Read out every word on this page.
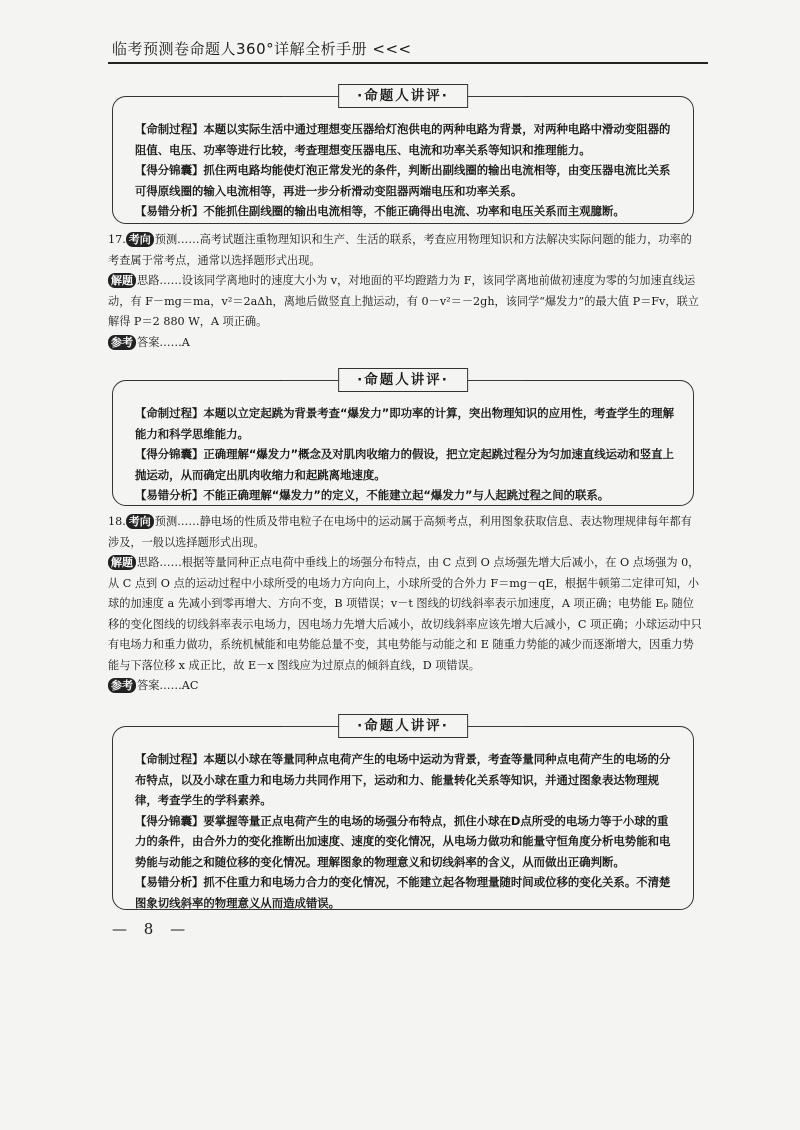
临考预测卷命题人360°详解全析手册 <<<
·命题人讲评·

【命制过程】本题以实际生活中通过理想变压器给灯泡供电的两种电路为背景，对两种电路中滑动变阻器的阻值、电压、功率等进行比较，考查理想变压器电压、电流和功率关系等知识和推理能力。

【得分锦囊】抓住两电路均能使灯泡正常发光的条件，判断出副线圈的输出电流相等，由变压器电流比关系可得原线圈的输入电流相等，再进一步分析滑动变阻器两端电压和功率关系。

【易错分析】不能抓住副线圈的输出电流相等，不能正确得出电流、功率和电压关系而主观臆断。

17. 考向 预测……高考试题注重物理知识和生产、生活的联系，考查应用物理知识和方法解决实际问题的能力，功率的考查属于常考点，通常以选择题形式出现。

解题 思路……设该同学离地时的速度大小为 v，对地面的平均蹬踏力为 F，该同学离地前做初速度为零的匀加速直线运动，有 F－mg＝ma，v²＝2aΔh，离地后做竖直上抛运动，有 0－v²＝－2gh，该同学“爆发力”的最大值 P＝Fv，联立解得 P＝2 880 W，A 项正确。

参考 答案……A

·命题人讲评·

【命制过程】本题以立定起跳为背景考查“爆发力”即功率的计算，突出物理知识的应用性，考查学生的理解能力和科学思维能力。

【得分锦囊】正确理解“爆发力”概念及对肌肉收缩力的假设，把立定起跳过程分为匀加速直线运动和竖直上抛运动，从而确定出肌肉收缩力和起跳离地速度。

【易错分析】不能正确理解“爆发力”的定义，不能建立起“爆发力”与人起跳过程之间的联系。

18. 考向 预测……静电场的性质及带电粒子在电场中的运动属于高频考点，利用图象获取信息、表达物理规律每年都有涉及，一般以选择题形式出现。

解题 思路……根据等量同种正点电荷中垂线上的场强分布特点，由 C 点到 O 点场强先增大后减小，在 O 点场强为 0，从 C 点到 O 点的运动过程中小球所受的电场力方向向上，小球所受的合外力 F＝mg－qE，根据牛顿第二定律可知，小球的加速度 a 先减小到零再增大、方向不变，B 项错误；v－t 图线的切线斜率表示加速度，A 项正确；电势能 Eₚ 随位移的变化图线的切线斜率表示电场力，因电场力先增大后减小，故切线斜率应该先增大后减小，C 项正确；小球运动中只有电场力和重力做功，系统机械能和电势能总量不变，其电势能与动能之和 E 随重力势能的减少而逐渐增大，因重力势能与下落位移 x 成正比，故 E－x 图线应为过原点的倾斜直线，D 项错误。

参考 答案……AC

·命题人讲评·

【命制过程】本题以小球在等量同种点电荷产生的电场中运动为背景，考查等量同种点电荷产生的电场的分布特点，以及小球在重力和电场力共同作用下，运动和力、能量转化关系等知识，并通过图象表达物理规律，考查学生的学科素养。

【得分锦囊】要掌握等量正点电荷产生的电场的场强分布特点，抓住小球在D点所受的电场力等于小球的重力的条件，由合外力的变化推断出加速度、速度的变化情况，从电场力做功和能量守恒角度分析电势能和电势能与动能之和随位移的变化情况。理解图象的物理意义和切线斜率的含义，从而做出正确判断。

【易错分析】抓不住重力和电场力合力的变化情况，不能建立起各物理量随时间或位移的变化关系。不清楚图象切线斜率的物理意义从而造成错误。

— 8 —
